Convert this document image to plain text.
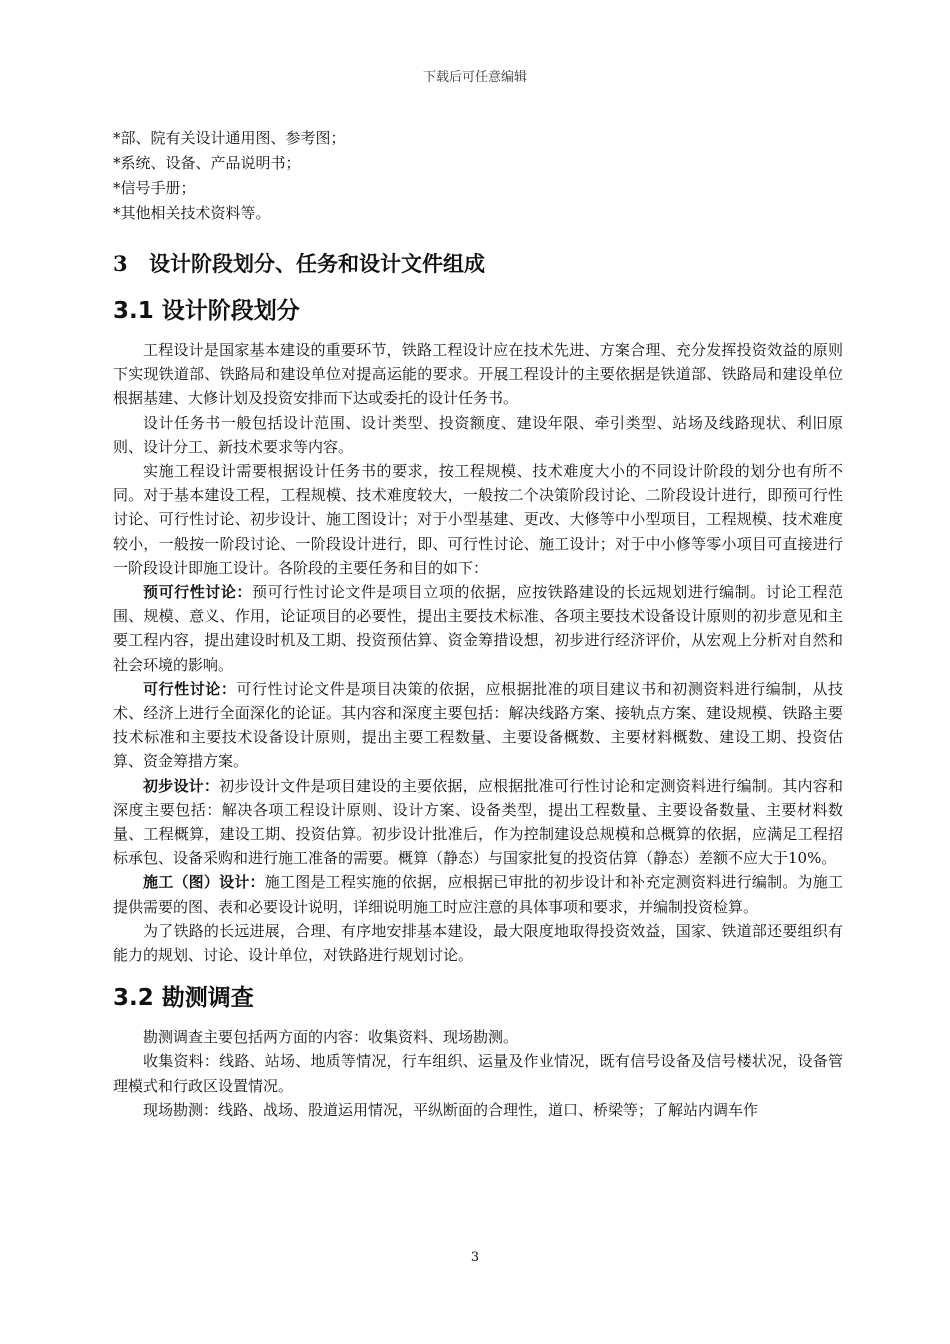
下载后可任意编辑
*部、院有关设计通用图、参考图；
*系统、设备、产品说明书；
*信号手册；
*其他相关技术资料等。
3 设计阶段划分、任务和设计文件组成
3.1 设计阶段划分
工程设计是国家基本建设的重要环节，铁路工程设计应在技术先进、方案合理、充分发挥投资效益的原则下实现铁道部、铁路局和建设单位对提高运能的要求。开展工程设计的主要依据是铁道部、铁路局和建设单位根据基建、大修计划及投资安排而下达或委托的设计任务书。
设计任务书一般包括设计范围、设计类型、投资额度、建设年限、牵引类型、站场及线路现状、利旧原则、设计分工、新技术要求等内容。
实施工程设计需要根据设计任务书的要求，按工程规模、技术难度大小的不同设计阶段的划分也有所不同。对于基本建设工程，工程规模、技术难度较大，一般按二个决策阶段讨论、二阶段设计进行，即预可行性讨论、可行性讨论、初步设计、施工图设计；对于小型基建、更改、大修等中小型项目，工程规模、技术难度较小，一般按一阶段讨论、一阶段设计进行，即、可行性讨论、施工设计；对于中小修等零小项目可直接进行一阶段设计即施工设计。各阶段的主要任务和目的如下：
预可行性讨论：预可行性讨论文件是项目立项的依据，应按铁路建设的长远规划进行编制。讨论工程范围、规模、意义、作用，论证项目的必要性，提出主要技术标准、各项主要技术设备设计原则的初步意见和主要工程内容，提出建设时机及工期、投资预估算、资金筹措设想，初步进行经济评价，从宏观上分析对自然和社会环境的影响。
可行性讨论：可行性讨论文件是项目决策的依据，应根据批准的项目建议书和初测资料进行编制，从技术、经济上进行全面深化的论证。其内容和深度主要包括：解决线路方案、接轨点方案、建设规模、铁路主要技术标准和主要技术设备设计原则，提出主要工程数量、主要设备概数、主要材料概数、建设工期、投资估算、资金筹措方案。
初步设计：初步设计文件是项目建设的主要依据，应根据批准可行性讨论和定测资料进行编制。其内容和深度主要包括：解决各项工程设计原则、设计方案、设备类型，提出工程数量、主要设备数量、主要材料数量、工程概算，建设工期、投资估算。初步设计批准后，作为控制建设总规模和总概算的依据，应满足工程招标承包、设备采购和进行施工准备的需要。概算（静态）与国家批复的投资估算（静态）差额不应大于10%。
施工（图）设计：施工图是工程实施的依据，应根据已审批的初步设计和补充定测资料进行编制。为施工提供需要的图、表和必要设计说明，详细说明施工时应注意的具体事项和要求，并编制投资检算。
为了铁路的长远进展，合理、有序地安排基本建设，最大限度地取得投资效益，国家、铁道部还要组织有能力的规划、讨论、设计单位，对铁路进行规划讨论。
3.2 勘测调查
勘测调查主要包括两方面的内容：收集资料、现场勘测。
收集资料：线路、站场、地质等情况，行车组织、运量及作业情况，既有信号设备及信号楼状况，设备管理模式和行政区设置情况。
现场勘测：线路、战场、股道运用情况，平纵断面的合理性，道口、桥梁等；了解站内调车作
3
